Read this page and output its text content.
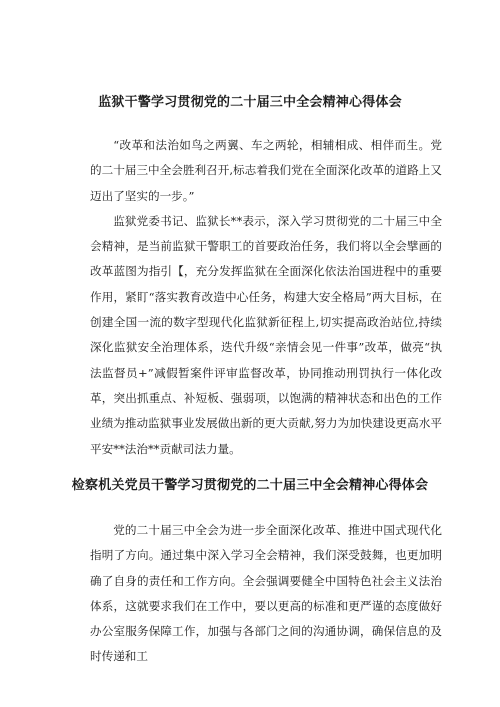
监狱干警学习贯彻党的二十届三中全会精神心得体会

“改革和法治如鸟之两翼、车之两轮，相辅相成、相伴而生。党的二十届三中全会胜利召开,标志着我们党在全面深化改革的道路上又迈出了坚实的一步。”

监狱党委书记、监狱长**表示，深入学习贯彻党的二十届三中全会精神，是当前监狱干警职工的首要政治任务，我们将以全会擘画的改革蓝图为指引【，充分发挥监狱在全面深化依法治国进程中的重要作用，紧盯“落实教育改造中心任务，构建大安全格局”两大目标，在创建全国一流的数字型现代化监狱新征程上,切实提高政治站位,持续深化监狱安全治理体系，迭代升级“亲情会见一件事”改革，做亮“执法监督员+”减假暂案件评审监督改革，协同推动刑罚执行一体化改革，突出抓重点、补短板、强弱项，以饱满的精神状态和出色的工作业绩为推动监狱事业发展做出新的更大贡献,努力为加快建设更高水平平安**法治**贡献司法力量。

检察机关党员干警学习贯彻党的二十届三中全会精神心得体会

党的二十届三中全会为进一步全面深化改革、推进中国式现代化指明了方向。通过集中深入学习全会精神，我们深受鼓舞，也更加明确了自身的责任和工作方向。全会强调要健全中国特色社会主义法治体系，这就要求我们在工作中，要以更高的标准和更严谨的态度做好办公室服务保障工作，加强与各部门之间的沟通协调，确保信息的及时传递和工
